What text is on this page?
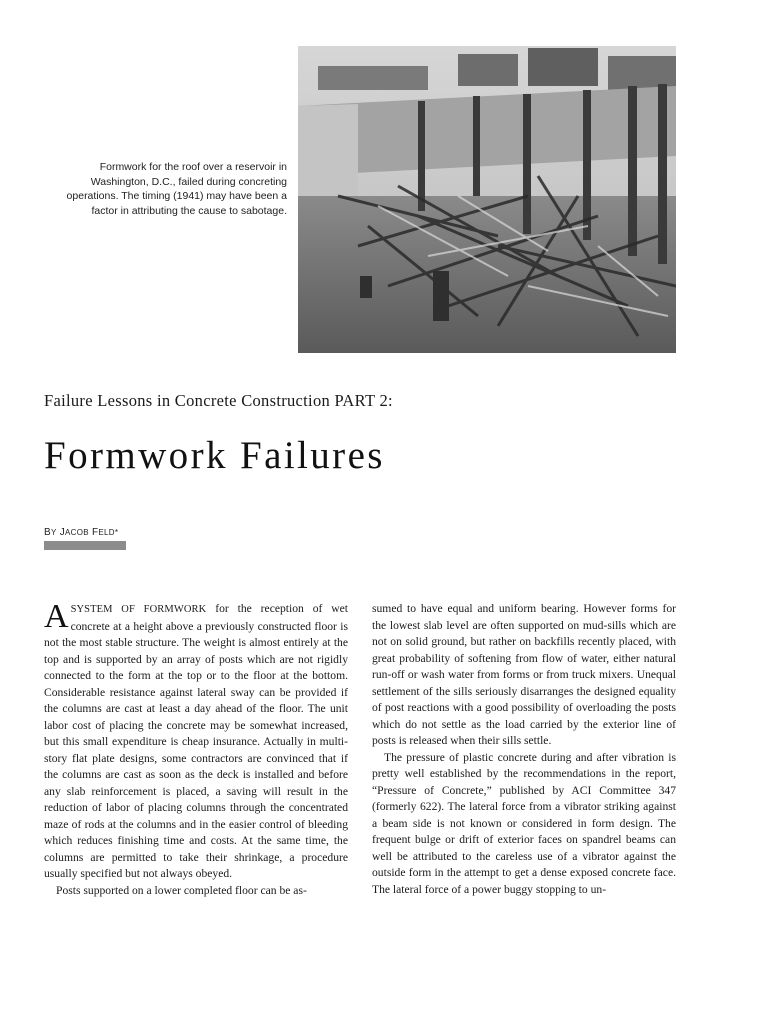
Formwork for the roof over a reservoir in Washington, D.C., failed during concreting operations. The timing (1941) may have been a factor in attributing the cause to sabotage.
Failure Lessons in Concrete Construction PART 2:
Formwork Failures
BY JACOB FELD*

ASYSTEM OF FORMWORK for the reception of wet concrete at a height above a previously constructed floor is not the most stable structure. The weight is almost entirely at the top and is supported by an array of posts which are not rigidly connected to the form at the top or to the floor at the bottom. Considerable resistance against lateral sway can be provided if the columns are cast at least a day ahead of the floor. The unit labor cost of placing the concrete may be somewhat increased, but this small expenditure is cheap insurance. Actually in multi-story flat plate designs, some contractors are convinced that if the columns are cast as soon as the deck is installed and before any slab reinforcement is placed, a saving will result in the reduction of labor of placing columns through the concentrated maze of rods at the columns and in the easier control of bleeding which reduces finishing time and costs. At the same time, the columns are permitted to take their shrinkage, a procedure usually specified but not always obeyed.

Posts supported on a lower completed floor can be as-

sumed to have equal and uniform bearing. However forms for the lowest slab level are often supported on mud-sills which are not on solid ground, but rather on backfills recently placed, with great probability of softening from flow of water, either natural run-off or wash water from forms or from truck mixers. Unequal settlement of the sills seriously disarranges the designed equality of post reactions with a good possibility of overloading the posts which do not settle as the load carried by the exterior line of posts is released when their sills settle.

The pressure of plastic concrete during and after vibration is pretty well established by the recommendations in the report, “Pressure of Concrete,” published by ACI Committee 347 (formerly 622). The lateral force from a vibrator striking against a beam side is not known or considered in form design. The frequent bulge or drift of exterior faces on spandrel beams can well be attributed to the careless use of a vibrator against the outside form in the attempt to get a dense exposed concrete face. The lateral force of a power buggy stopping to un-
